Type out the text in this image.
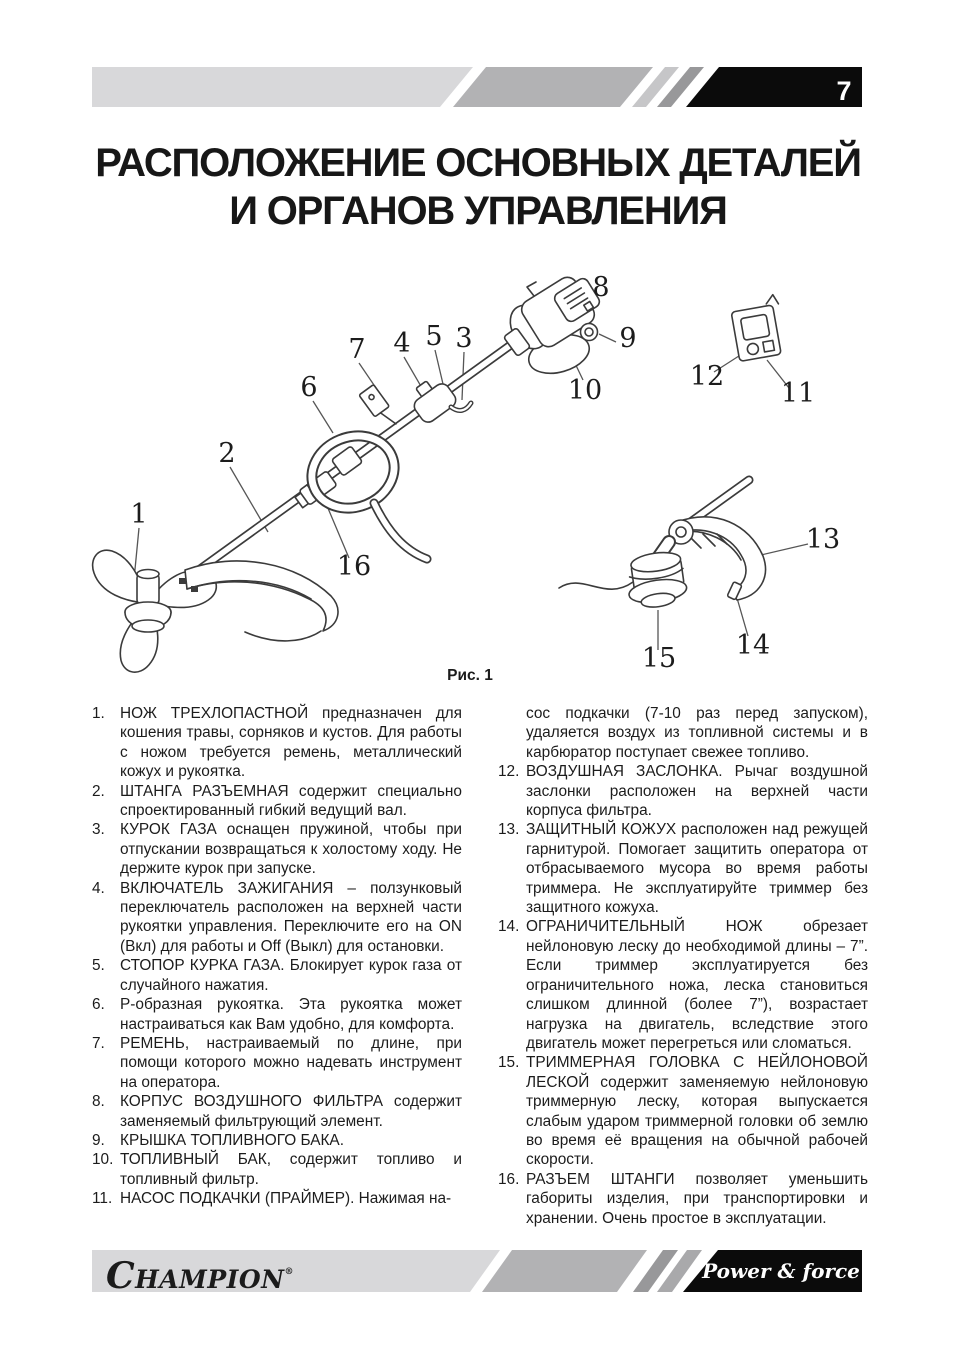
7
РАСПОЛОЖЕНИЕ ОСНОВНЫХ ДЕТАЛЕЙ
И ОРГАНОВ УПРАВЛЕНИЯ
1
2
3
4 5
6
7
8
9
10	11
12
13
14
15
16
Рис. 1
1. НОЖ ТРЕХЛОПАСТНОЙ предназначен для кошения травы, сорняков и кустов. Для работы с ножом требуется ремень, металлический кожух и рукоятка.
2. ШТАНГА РАЗЪЕМНАЯ содержит специально спроектированный гибкий ведущий вал.
3. КУРОК ГАЗА оснащен пружиной, чтобы при отпускании возвращаться к холостому ходу. Не держите курок при запуске.
4. ВКЛЮЧАТЕЛЬ ЗАЖИГАНИЯ – ползунковый переключатель расположен на верхней части рукоятки управления. Переключите его на ON (Вкл) для работы и Off (Выкл) для остановки.
5. СТОПОР КУРКА ГАЗА. Блокирует курок газа от случайного нажатия.
6. Р-образная рукоятка. Эта рукоятка может настраиваться как Вам удобно, для комфорта.
7. РЕМЕНЬ, настраиваемый по длине, при помощи которого можно надевать инструмент на оператора.
8. КОРПУС ВОЗДУШНОГО ФИЛЬТРА содержит заменяемый фильтрующий элемент.
9. КРЫШКА ТОПЛИВНОГО БАКА.
10. ТОПЛИВНЫЙ БАК, содержит топливо и топливный фильтр.
11. НАСОС ПОДКАЧКИ (ПРАЙМЕР). Нажимая на-
сос подкачки (7-10 раз перед запуском), удаляется воздух из топливной системы и в карбюратор поступает свежее топливо.
12. ВОЗДУШНАЯ ЗАСЛОНКА. Рычаг воздушной заслонки расположен на верхней части корпуса фильтра.
13. ЗАЩИТНЫЙ КОЖУХ расположен над режущей гарнитурой. Помогает защитить оператора от отбрасываемого мусора во время работы триммера. Не эксплуатируйте триммер без защитного кожуха.
14. ОГРАНИЧИТЕЛЬНЫЙ НОЖ обрезает нейлоновую леску до необходимой длины – 7”. Если триммер эксплуатируется без ограничительного ножа, леска становиться слишком длинной (более 7”), возрастает нагрузка на двигатель, вследствие этого двигатель может перегреться или сломаться.
15. ТРИММЕРНАЯ ГОЛОВКА С НЕЙЛОНОВОЙ ЛЕСКОЙ содержит заменяемую нейлоновую триммерную леску, которая выпускается слабым ударом триммерной головки об землю во время её вращения на обычной рабочей скорости.
16. РАЗЪЕМ ШТАНГИ позволяет уменьшить габориты изделия, при транспортировки и хранении. Очень простое в эксплуатации.
CHAMPION®	Power & force
